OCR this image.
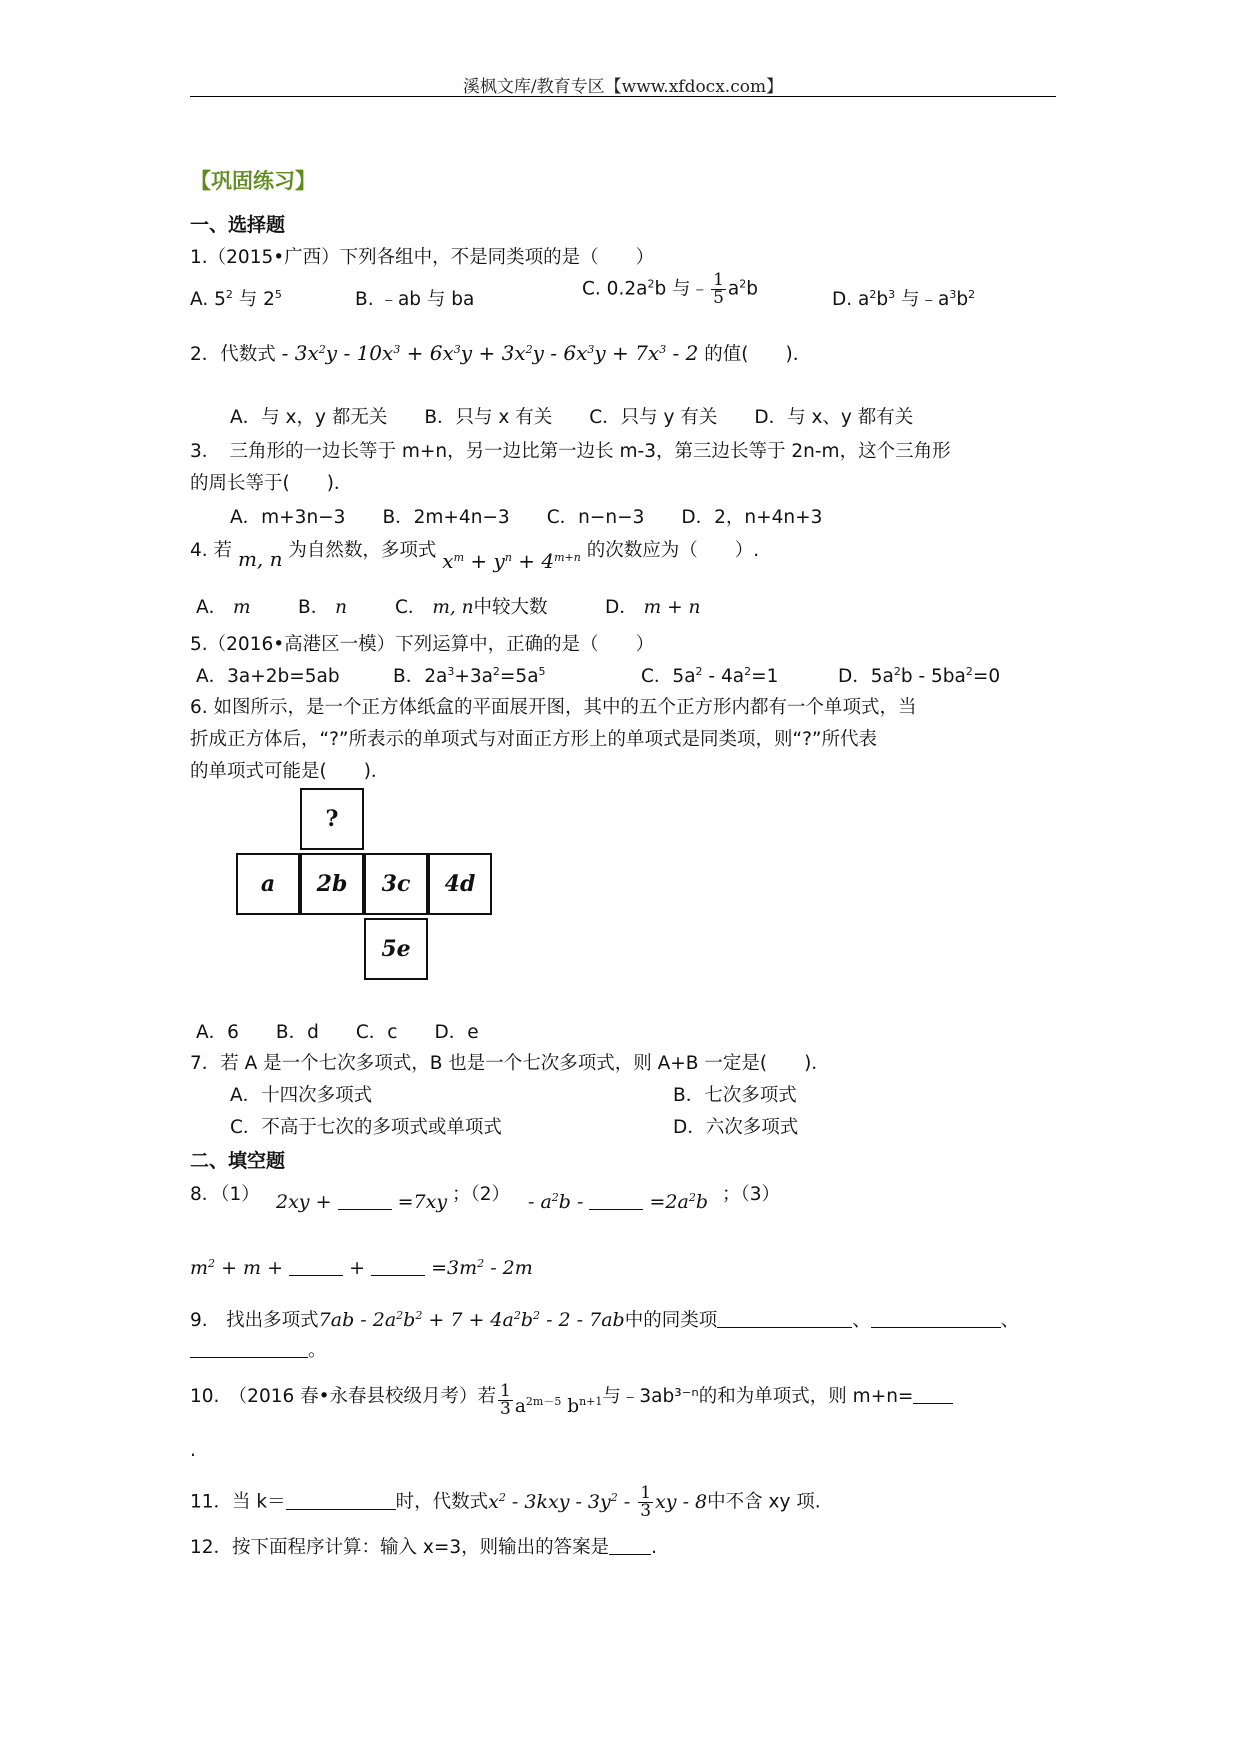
溪枫文库/教育专区【www.xfdocx.com】
【巩固练习】
一、选择题
1.（2015•广西）下列各组中，不是同类项的是（　　）
A. $5^2$ 与 $2^5$	B. ﹣ab 与 ba	C. $0.2a^2b$ 与﹣ $\frac{1}{5} a^2b$	D. $a^2b^3$ 与$﹣a^3b^2$
2．代数式 - $3x^2y - 10x^3 + 6x^3y + 3x^2y - 6x^3y + 7x^3 - 2$ 的值(　　)．
A．与 x，y 都无关　　B．只与 x 有关　　C．只与 y 有关　　D．与 x、y 都有关
3．　三角形的一边长等于 m+n，另一边比第一边长 m-3，第三边长等于 2n-m，这个三角形
的周长等于(　　)．
A．m+3n−3　　B．2m+4n−3　　C．n−n−3　　D．2，n+4n+3
4. 若 m, n 为自然数，多项式 $x^m + y^n + 4^{m+n}$ 的次数应为（　　）.
A． m	B． n	C． m, n中较大数	D． m + n
5.（2016•高港区一模）下列运算中，正确的是（　　）
A．3a+2b=5ab	B．$2a^3+3a^2=5a^5$	C．$5a^2 - 4a^2=1$	D．$5a^2b - 5ba^2=0$
6. 如图所示，是一个正方体纸盒的平面展开图，其中的五个正方形内都有一个单项式，当
折成正方体后，“?”所表示的单项式与对面正方形上的单项式是同类项，则“?”所代表
的单项式可能是(　　)．
?
a	2b	3c	4d
5e
A．6　　B．d　　C．c　　D．e
7．若 A 是一个七次多项式，B 也是一个七次多项式，则 A+B 一定是(　　)．
A．十四次多项式	B．七次多项式
C．不高于七次的多项式或单项式	D．六次多项式
二、填空题
8．（1） 2xy +	=7xy ；$(2) - a^2b$ -	$=2a^2b$ ；（3）
$m^2 + m$ +	+	$=3m^2 - 2m$
9.　找出多项式$7ab - 2a^2b^2 + 7 + 4a^2b^2 - 2 - 7ab$中的同类项	、	、
。
10.　（2016 春•永春县校级月考）若 $\frac{1}{3} a^{2m-5}$ $b^{n+1}$与﹣3ab³⁻ⁿ的和为单项式，则 m+n=
.
11．当 k＝	时，代数式$x^2 - 3kxy - 3y^2 - \frac{1}{3}$ xy - 8中不含 xy 项.
12．按下面程序计算：输入 x=3，则输出的答案是 .
